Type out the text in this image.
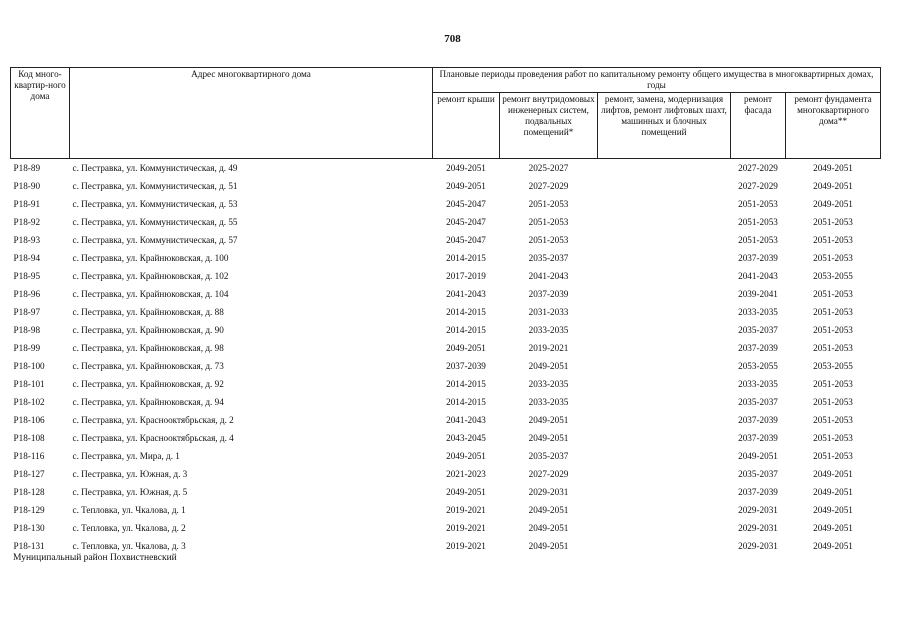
708
Код много-квартир-ного дома	Адрес многоквартирного дома	Плановые периоды проведения работ по капитальному ремонту общего имущества в многоквартирных домах, годы				
		ремонт крыши	ремонт внутридомовых инженерных систем, подвальных помещений*	ремонт, замена, модернизация лифтов, ремонт лифтовых шахт, машинных и блочных помещений	ремонт фасада	ремонт фундамента многоквартирного дома**
Р18-89	с. Пестравка, ул. Коммунистическая, д. 49	2049-2051	2025-2027		2027-2029	2049-2051
Р18-90	с. Пестравка, ул. Коммунистическая, д. 51	2049-2051	2027-2029		2027-2029	2049-2051
Р18-91	с. Пестравка, ул. Коммунистическая, д. 53	2045-2047	2051-2053		2051-2053	2049-2051
Р18-92	с. Пестравка, ул. Коммунистическая, д. 55	2045-2047	2051-2053		2051-2053	2051-2053
Р18-93	с. Пестравка, ул. Коммунистическая, д. 57	2045-2047	2051-2053		2051-2053	2051-2053
Р18-94	с. Пестравка, ул. Крайнюковская, д. 100	2014-2015	2035-2037		2037-2039	2051-2053
Р18-95	с. Пестравка, ул. Крайнюковская, д. 102	2017-2019	2041-2043		2041-2043	2053-2055
Р18-96	с. Пестравка, ул. Крайнюковская, д. 104	2041-2043	2037-2039		2039-2041	2051-2053
Р18-97	с. Пестравка, ул. Крайнюковская, д. 88	2014-2015	2031-2033		2033-2035	2051-2053
Р18-98	с. Пестравка, ул. Крайнюковская, д. 90	2014-2015	2033-2035		2035-2037	2051-2053
Р18-99	с. Пестравка, ул. Крайнюковская, д. 98	2049-2051	2019-2021		2037-2039	2051-2053
Р18-100	с. Пестравка, ул. Крайнюковская, д. 73	2037-2039	2049-2051		2053-2055	2053-2055
Р18-101	с. Пестравка, ул. Крайнюковская, д. 92	2014-2015	2033-2035		2033-2035	2051-2053
Р18-102	с. Пестравка, ул. Крайнюковская, д. 94	2014-2015	2033-2035		2035-2037	2051-2053
Р18-106	с. Пестравка, ул. Краснооктябрьская, д. 2	2041-2043	2049-2051		2037-2039	2051-2053
Р18-108	с. Пестравка, ул. Краснооктябрьская, д. 4	2043-2045	2049-2051		2037-2039	2051-2053
Р18-116	с. Пестравка, ул. Мира, д. 1	2049-2051	2035-2037		2049-2051	2051-2053
Р18-127	с. Пестравка, ул. Южная, д. 3	2021-2023	2027-2029		2035-2037	2049-2051
Р18-128	с. Пестравка, ул. Южная, д. 5	2049-2051	2029-2031		2037-2039	2049-2051
Р18-129	с. Тепловка, ул. Чкалова, д. 1	2019-2021	2049-2051		2029-2031	2049-2051
Р18-130	с. Тепловка, ул. Чкалова, д. 2	2019-2021	2049-2051		2029-2031	2049-2051
Р18-131	с. Тепловка, ул. Чкалова, д. 3	2019-2021	2049-2051		2029-2031	2049-2051
Муниципальный район Похвистневский
